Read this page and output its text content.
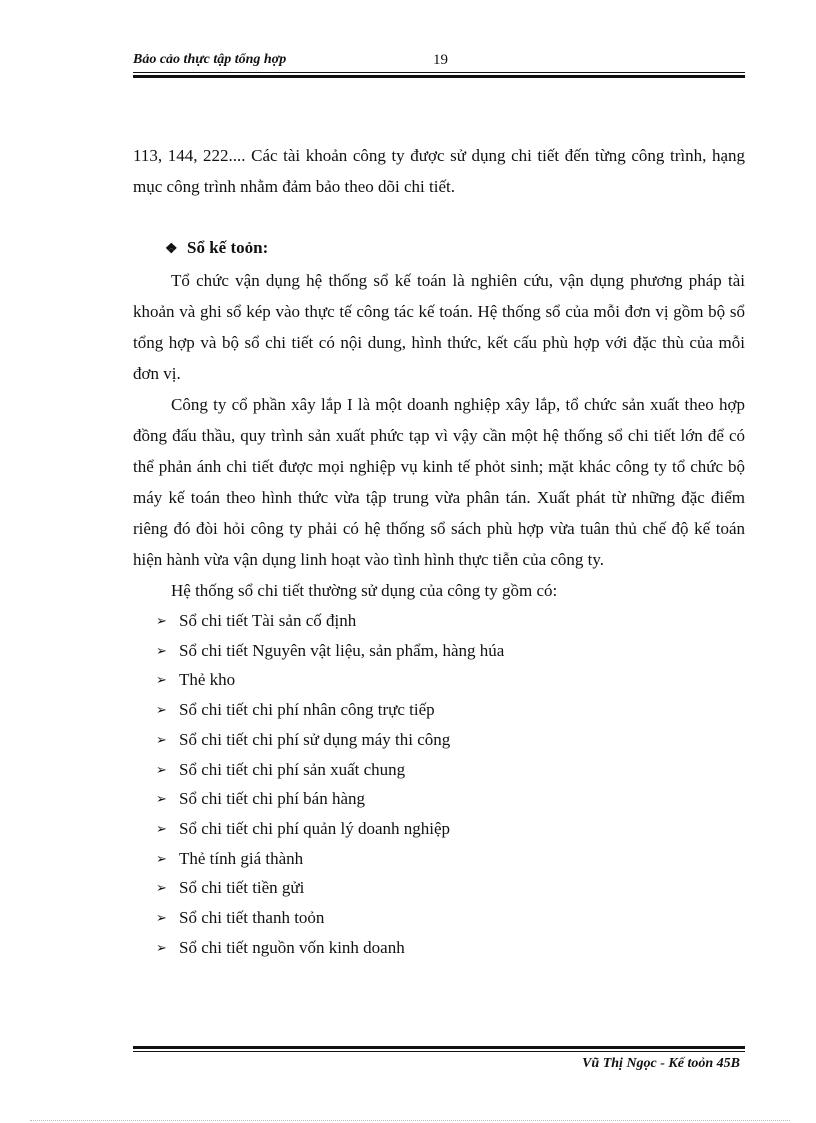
Bảo cảo thực tập tổng hợp	19

113, 144, 222.... Các tài khoản công ty được sử dụng chi tiết đến từng công trình, hạng mục công trình nhằm đảm bảo theo dõi chi tiết.

❖ Sổ kế toỏn:

Tổ chức vận dụng hệ thống sổ kế toán là nghiên cứu, vận dụng phương pháp tài khoản và ghi sổ kép vào thực tế công tác kế toán. Hệ thống sổ của mỗi đơn vị gồm bộ sổ tổng hợp và bộ sổ chi tiết có nội dung, hình thức, kết cấu phù hợp với đặc thù của mỗi đơn vị.

Công ty cổ phần xây lắp I là một doanh nghiệp xây lắp, tổ chức sản xuất theo hợp đồng đấu thầu, quy trình sản xuất phức tạp vì vậy cần một hệ thống sổ chi tiết lớn để có thể phản ánh chi tiết được mọi nghiệp vụ kinh tế phỏt sinh; mặt khác công ty tổ chức bộ máy kế toán theo hình thức vừa tập trung vừa phân tán. Xuất phát từ những đặc điểm riêng đó đòi hỏi công ty phải có hệ thống sổ sách phù hợp vừa tuân thủ chế độ kế toán hiện hành vừa vận dụng linh hoạt vào tình hình thực tiễn của công ty.

Hệ thống sổ chi tiết thường sử dụng của công ty gồm có:

➢ Sổ chi tiết Tài sản cố định
➢ Sổ chi tiết Nguyên vật liệu, sản phẩm, hàng húa
➢ Thẻ kho
➢ Sổ chi tiết chi phí nhân công trực tiếp
➢ Sổ chi tiết chi phí sử dụng máy thi công
➢ Sổ chi tiết chi phí sản xuất chung
➢ Sổ chi tiết chi phí bán hàng
➢ Sổ chi tiết chi phí quản lý doanh nghiệp
➢ Thẻ tính giá thành
➢ Sổ chi tiết tiền gửi
➢ Sổ chi tiết thanh toỏn
➢ Sổ chi tiết nguồn vốn kinh doanh
Vũ Thị Ngọc - Kế toỏn 45B
